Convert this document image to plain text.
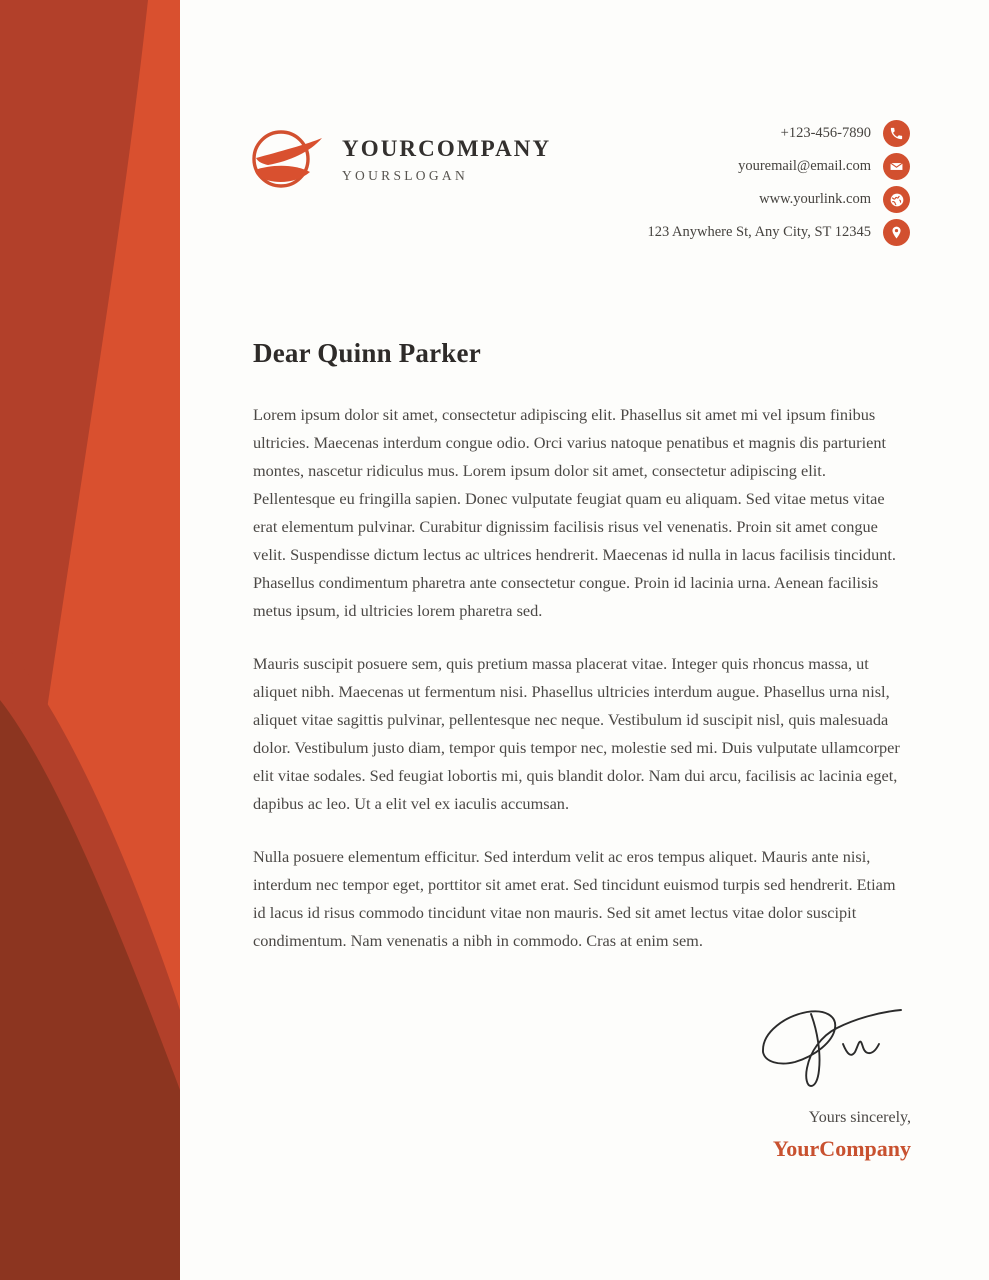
YOURCOMPANY
YOURSLOGAN
+123-456-7890
youremail@email.com
www.yourlink.com
123 Anywhere St, Any City, ST 12345
Dear Quinn Parker

Lorem ipsum dolor sit amet, consectetur adipiscing elit. Phasellus sit amet mi vel ipsum finibus ultricies. Maecenas interdum congue odio. Orci varius natoque penatibus et magnis dis parturient montes, nascetur ridiculus mus. Lorem ipsum dolor sit amet, consectetur adipiscing elit. Pellentesque eu fringilla sapien. Donec vulputate feugiat quam eu aliquam. Sed vitae metus vitae erat elementum pulvinar. Curabitur dignissim facilisis risus vel venenatis. Proin sit amet congue velit. Suspendisse dictum lectus ac ultrices hendrerit. Maecenas id nulla in lacus facilisis tincidunt. Phasellus condimentum pharetra ante consectetur congue. Proin id lacinia urna. Aenean facilisis metus ipsum, id ultricies lorem pharetra sed.

Mauris suscipit posuere sem, quis pretium massa placerat vitae. Integer quis rhoncus massa, ut aliquet nibh. Maecenas ut fermentum nisi. Phasellus ultricies interdum augue. Phasellus urna nisl, aliquet vitae sagittis pulvinar, pellentesque nec neque. Vestibulum id suscipit nisl, quis malesuada dolor. Vestibulum justo diam, tempor quis tempor nec, molestie sed mi. Duis vulputate ullamcorper elit vitae sodales. Sed feugiat lobortis mi, quis blandit dolor. Nam dui arcu, facilisis ac lacinia eget, dapibus ac leo. Ut a elit vel ex iaculis accumsan.

Nulla posuere elementum efficitur. Sed interdum velit ac eros tempus aliquet. Mauris ante nisi, interdum nec tempor eget, porttitor sit amet erat. Sed tincidunt euismod turpis sed hendrerit. Etiam id lacus id risus commodo tincidunt vitae non mauris. Sed sit amet lectus vitae dolor suscipit condimentum. Nam venenatis a nibh in commodo. Cras at enim sem.

Yours sincerely,
YourCompany
